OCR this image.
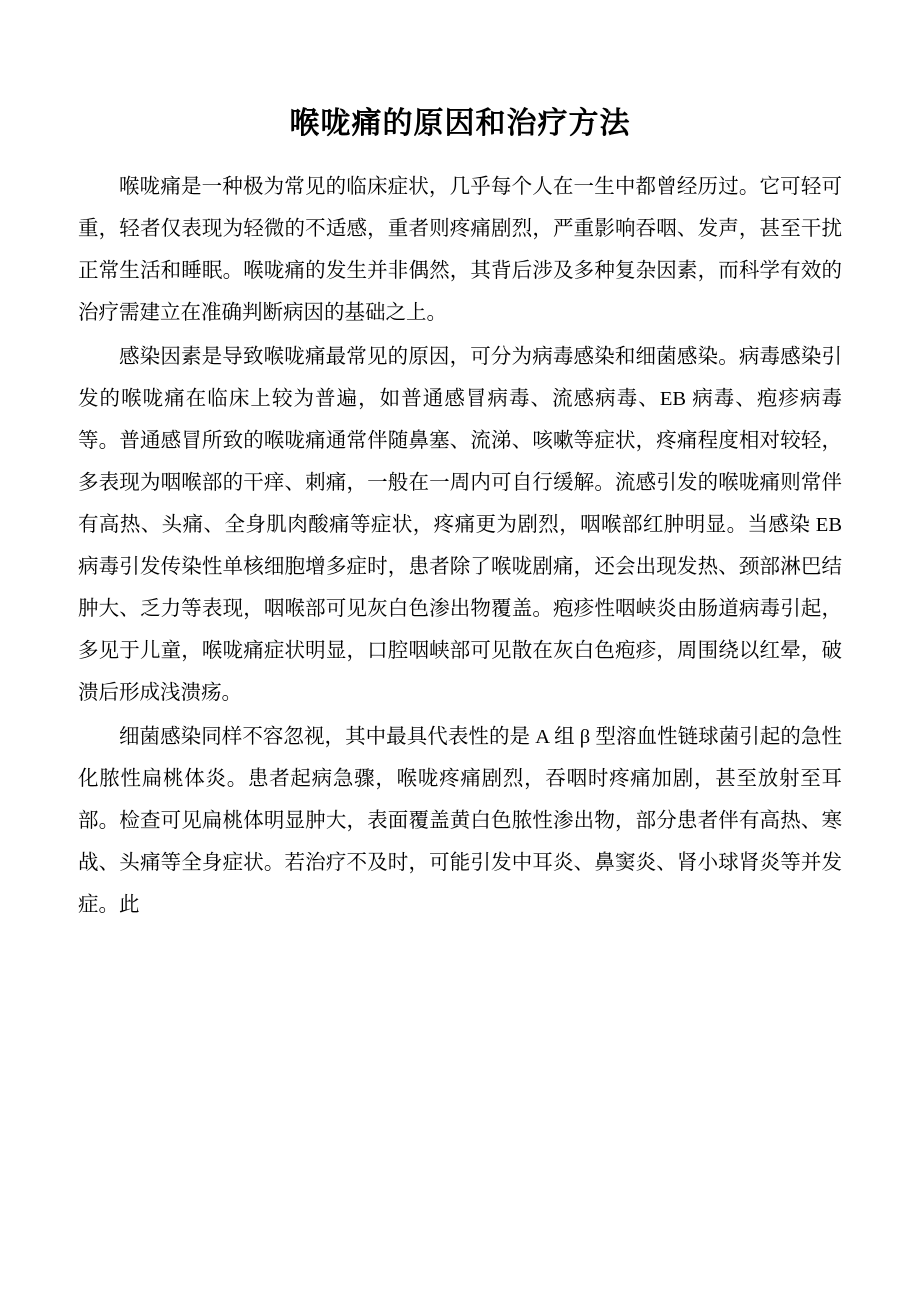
喉咙痛的原因和治疗方法

喉咙痛是一种极为常见的临床症状，几乎每个人在一生中都曾经历过。它可轻可重，轻者仅表现为轻微的不适感，重者则疼痛剧烈，严重影响吞咽、发声，甚至干扰正常生活和睡眠。喉咙痛的发生并非偶然，其背后涉及多种复杂因素，而科学有效的治疗需建立在准确判断病因的基础之上。

感染因素是导致喉咙痛最常见的原因，可分为病毒感染和细菌感染。病毒感染引发的喉咙痛在临床上较为普遍，如普通感冒病毒、流感病毒、EB 病毒、疱疹病毒等。普通感冒所致的喉咙痛通常伴随鼻塞、流涕、咳嗽等症状，疼痛程度相对较轻，多表现为咽喉部的干痒、刺痛，一般在一周内可自行缓解。流感引发的喉咙痛则常伴有高热、头痛、全身肌肉酸痛等症状，疼痛更为剧烈，咽喉部红肿明显。当感染 EB 病毒引发传染性单核细胞增多症时，患者除了喉咙剧痛，还会出现发热、颈部淋巴结肿大、乏力等表现，咽喉部可见灰白色渗出物覆盖。疱疹性咽峡炎由肠道病毒引起，多见于儿童，喉咙痛症状明显，口腔咽峡部可见散在灰白色疱疹，周围绕以红晕，破溃后形成浅溃疡。

细菌感染同样不容忽视，其中最具代表性的是 A 组 β 型溶血性链球菌引起的急性化脓性扁桃体炎。患者起病急骤，喉咙疼痛剧烈，吞咽时疼痛加剧，甚至放射至耳部。检查可见扁桃体明显肿大，表面覆盖黄白色脓性渗出物，部分患者伴有高热、寒战、头痛等全身症状。若治疗不及时，可能引发中耳炎、鼻窦炎、肾小球肾炎等并发症。此
